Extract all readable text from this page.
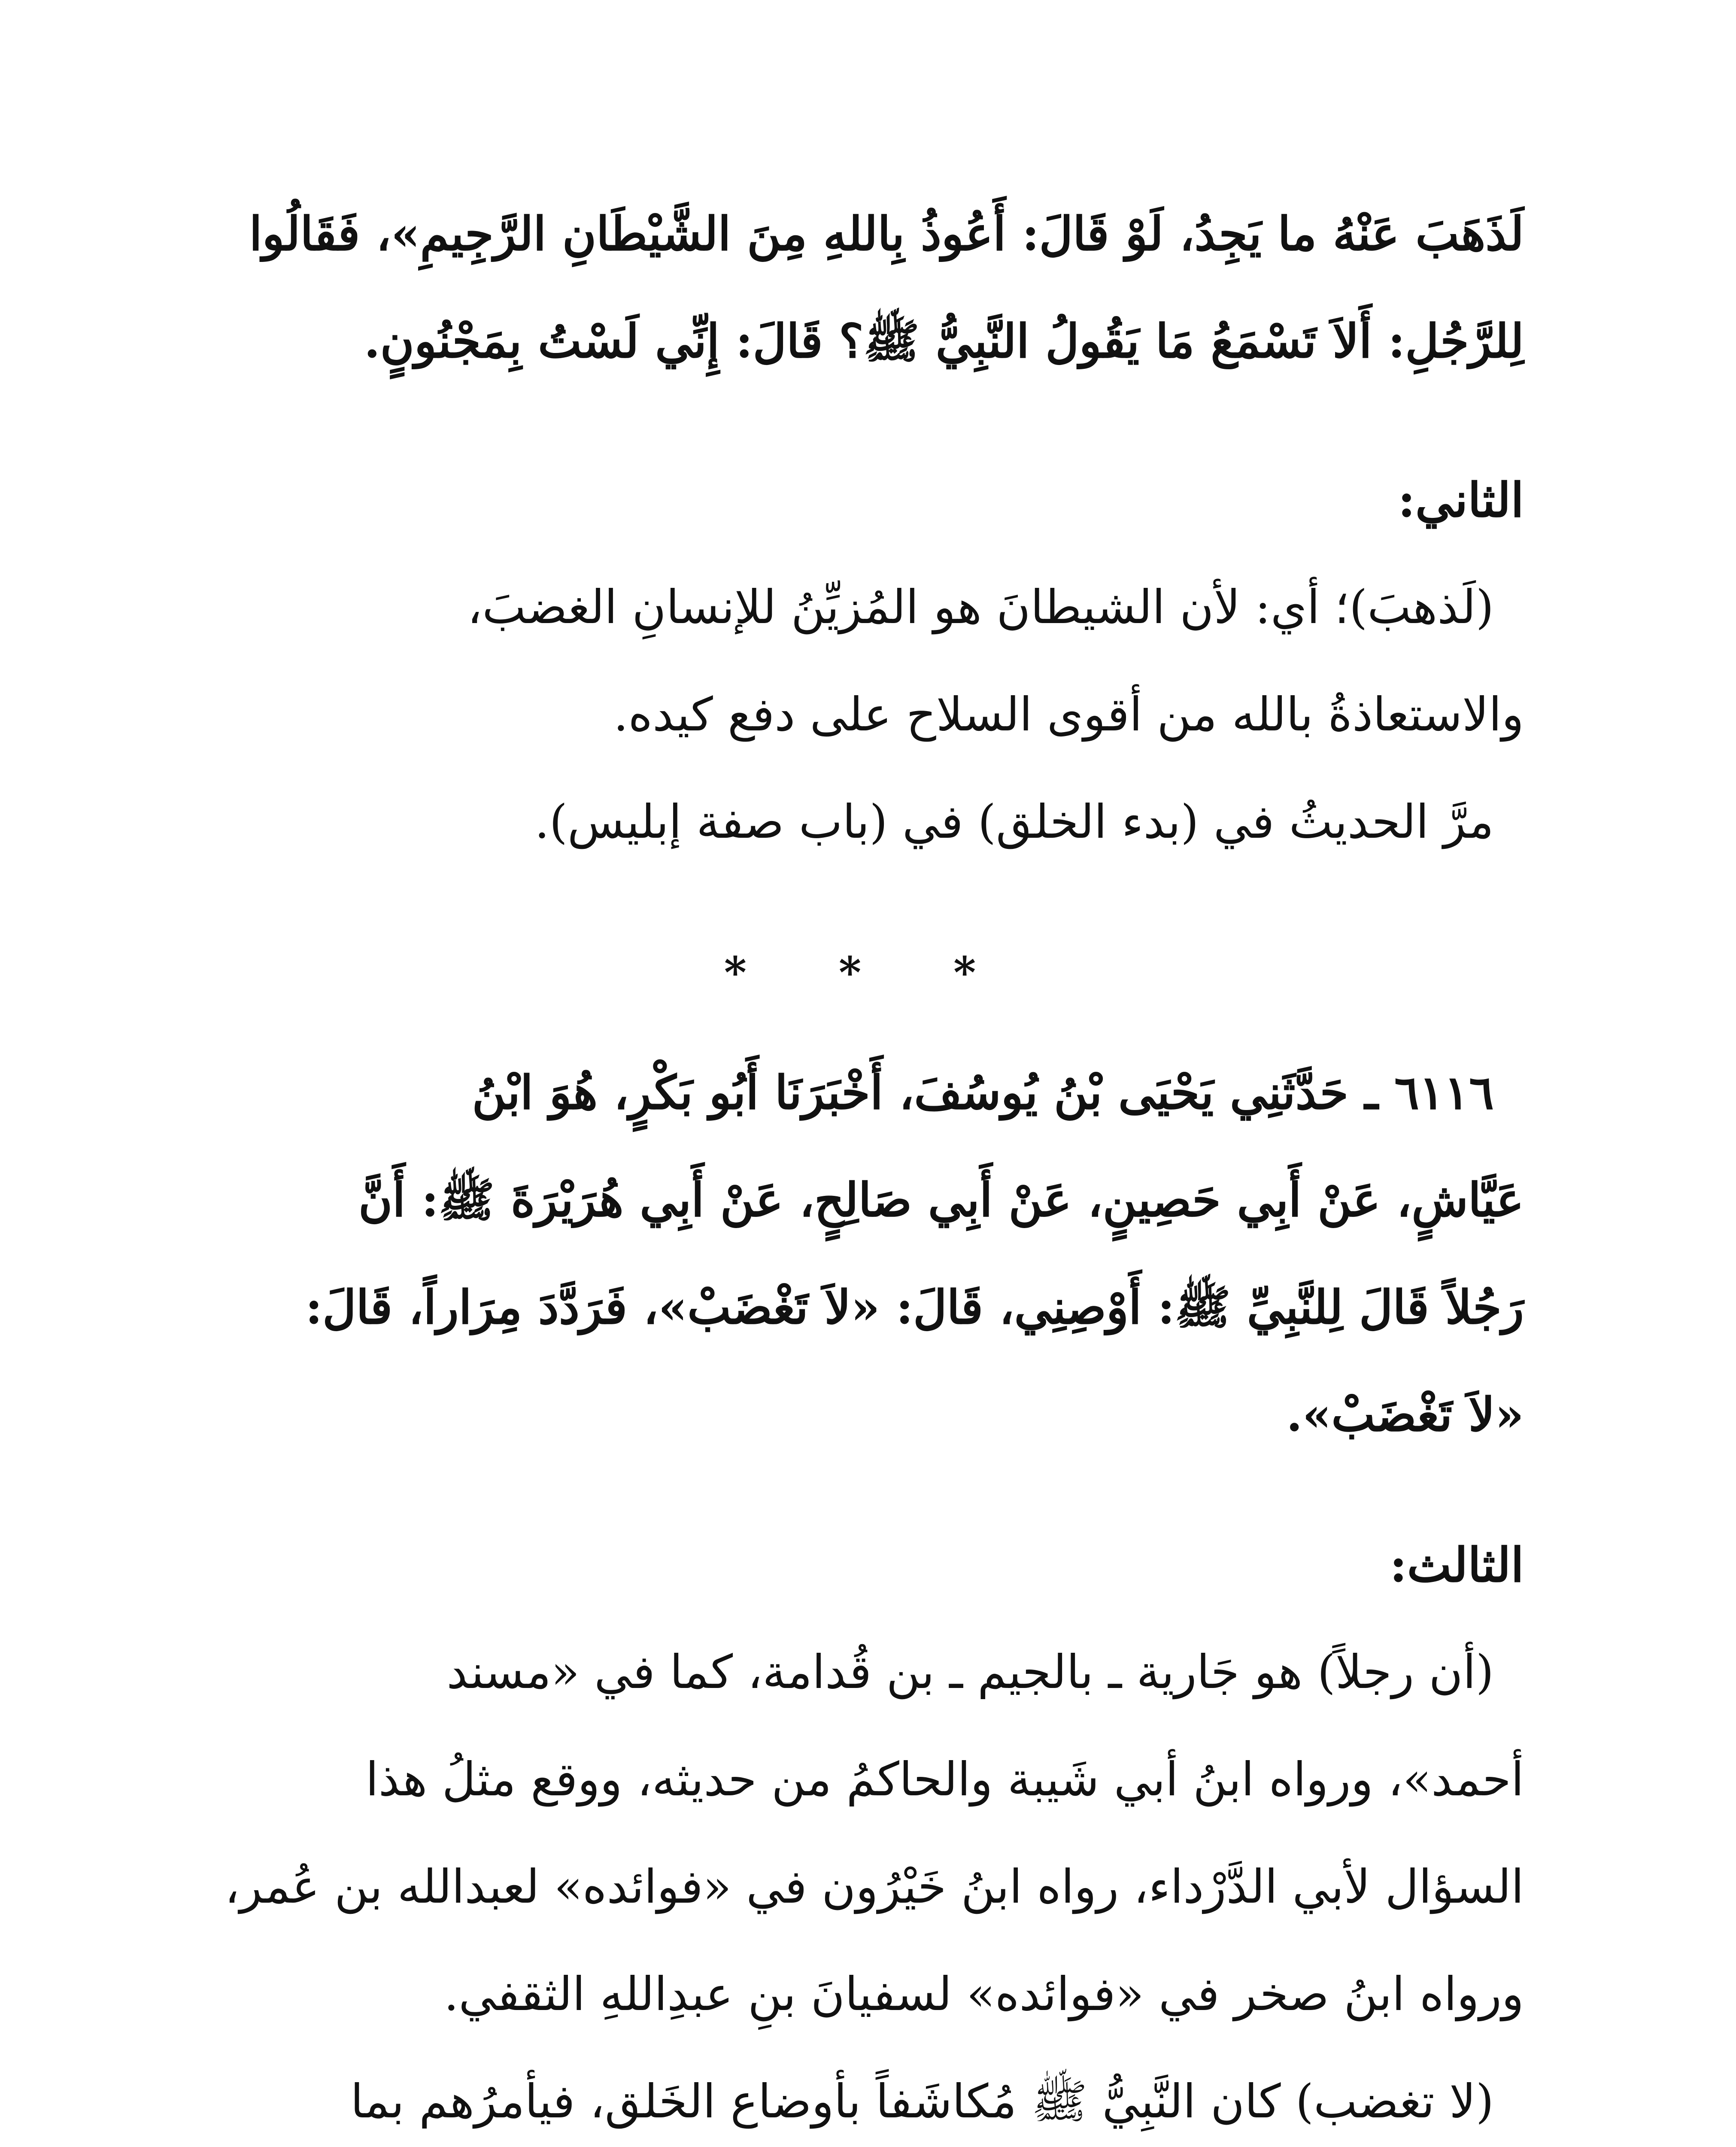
لَذَهَبَ عَنْهُ ما يَجِدُ، لَوْ قَالَ: أَعُوذُ بِاللهِ مِنَ الشَّيْطَانِ الرَّجِيمِ»، فَقَالُوا

لِلرَّجُلِ: أَلاَ تَسْمَعُ مَا يَقُولُ النَّبِيُّ ﷺ؟ قَالَ: إِنِّي لَسْتُ بِمَجْنُونٍ.

الثاني:

(لَذهبَ)؛ أي: لأن الشيطانَ هو المُزيِّنُ للإنسانِ الغضبَ،

والاستعاذةُ بالله من أقوى السلاح على دفع كيده.

مرَّ الحديثُ في (بدء الخلق) في (باب صفة إبليس).

* * *

٦١١٦ ـ حَدَّثَنِي يَحْيَى بْنُ يُوسُفَ، أَخْبَرَنَا أَبُو بَكْرٍ، هُوَ ابْنُ

عَيَّاشٍ، عَنْ أَبِي حَصِينٍ، عَنْ أَبِي صَالِحٍ، عَنْ أَبِي هُرَيْرَةَ ﷺ: أَنَّ

رَجُلاً قَالَ لِلنَّبِيِّ ﷺ: أَوْصِنِي، قَالَ: «لاَ تَغْضَبْ»، فَرَدَّدَ مِرَاراً، قَالَ:

«لاَ تَغْضَبْ».

الثالث:

(أن رجلاً) هو جَارية ـ بالجيم ـ بن قُدامة، كما في «مسند

أحمد»، ورواه ابنُ أبي شَيبة والحاكمُ من حديثه، ووقع مثلُ هذا

السؤال لأبي الدَّرْداء، رواه ابنُ خَيْرُون في «فوائده» لعبدالله بن عُمر،

ورواه ابنُ صخر في «فوائده» لسفيانَ بنِ عبدِاللهِ الثقفي.

(لا تغضب) كان النَّبِيُّ ﷺ مُكاشَفاً بأوضاع الخَلق، فيأمرُهم بما
